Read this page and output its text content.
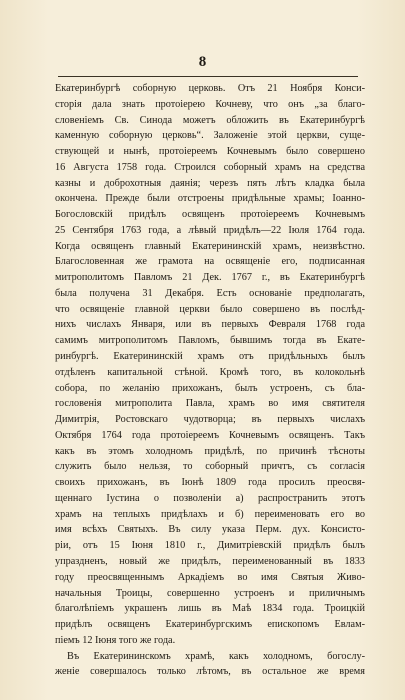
8
Екатеринбургѣ соборную церковь. Отъ 21 Ноября Конси-
сторія дала знать протоіерею Кочневу, что онъ „за благо-
словеніемъ Св. Синода можетъ обложить въ Екатеринбургѣ
каменную соборную церковь“. Заложеніе этой церкви, суще-
ствующей и нынѣ, протоіереемъ Кочневымъ было совершено
16 Августа 1758 года. Строился соборный храмъ на средства
казны и доброхотныя даянія; черезъ пять лѣтъ кладка была
окончена. Прежде были отстроены придѣльные храмы; Іоанно-
Богословскій придѣлъ освященъ протоіереемъ Кочневымъ
25 Сентября 1763 года, а лѣвый придѣлъ—22 Іюля 1764 года.
Когда освященъ главный Екатерининскій храмъ, неизвѣстно.
Благословенная же грамота на освященіе его, подписанная
митрополитомъ Павломъ 21 Дек. 1767 г., въ Екатеринбургѣ
была получена 31 Декабря. Есть основаніе предполагать,
что освященіе главной церкви было совершено въ послѣд-
нихъ числахъ Января, или въ первыхъ Февраля 1768 года
самимъ митрополитомъ Павломъ, бывшимъ тогда въ Екате-
ринбургѣ. Екатерининскій храмъ отъ придѣльныхъ былъ
отдѣленъ капитальной стѣной. Кромѣ того, въ колокольнѣ
собора, по желанію прихожанъ, былъ устроенъ, съ бла-
гословенія митрополита Павла, храмъ во имя святителя
Димитрія, Ростовскаго чудотворца; въ первыхъ числахъ
Октября 1764 года протоіереемъ Кочневымъ освященъ. Такъ
какъ въ этомъ холодномъ придѣлѣ, по причинѣ тѣсноты
служить было нельзя, то соборный причтъ, съ согласія
своихъ прихожанъ, въ Іюнѣ 1809 года просилъ преосвя-
щеннаго Іустина о позволеніи а) распространить этотъ
храмъ на теплыхъ придѣлахъ и б) переименовать его во
имя всѣхъ Святыхъ. Въ силу указа Перм. дух. Консисто-
ріи, отъ 15 Іюня 1810 г., Димитріевскій придѣлъ былъ
упраздненъ, новый же придѣлъ, переименованный въ 1833
году преосвященнымъ Аркадіемъ во имя Святыя Живо-
начальныя Троицы, совершенно устроенъ и приличнымъ
благолѣпіемъ украшенъ лишь въ Маѣ 1834 года. Троицкій
придѣлъ освященъ Екатеринбургскимъ епископомъ Евлам-
піемъ 12 Іюня того же года.
Въ Екатерининскомъ храмѣ, какъ холодномъ, богослу-
женіе совершалось только лѣтомъ, въ остальное же время
